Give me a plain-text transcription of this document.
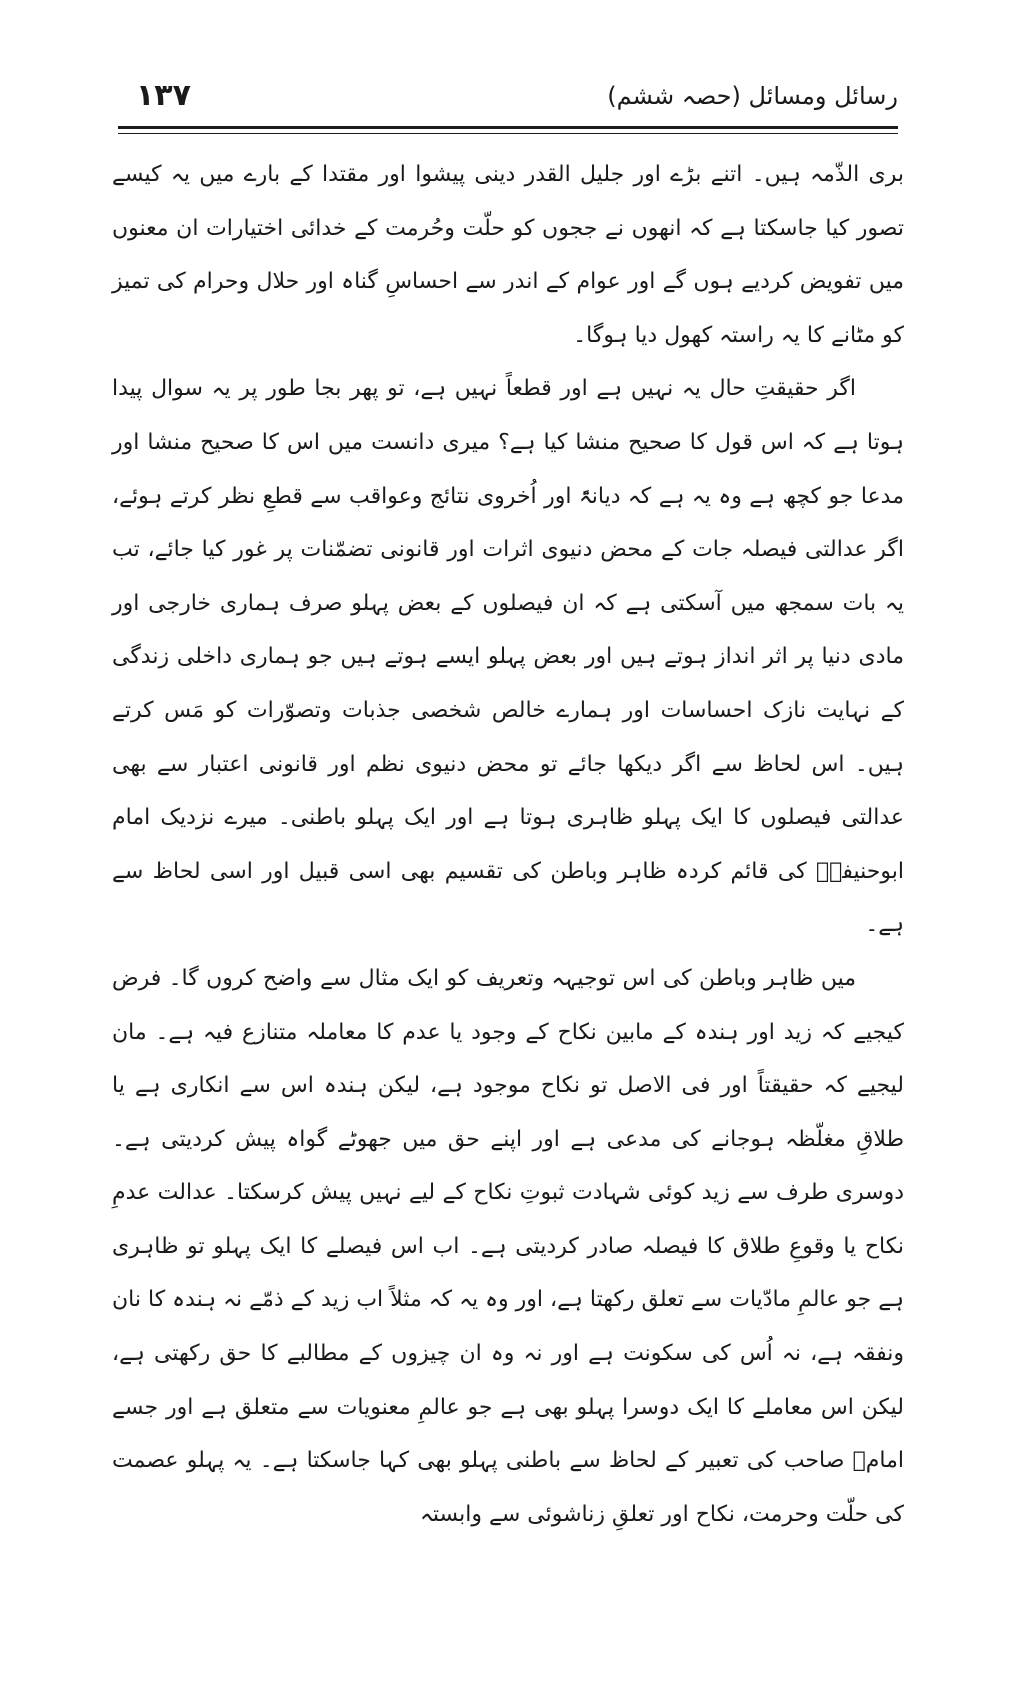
۱۳۷	رسائل ومسائل (حصہ ششم)

بری الذّمہ ہیں۔ اتنے بڑے اور جلیل القدر دینی پیشوا اور مقتدا کے بارے میں یہ کیسے تصور کیا جاسکتا ہے کہ انھوں نے ججوں کو حلّت وحُرمت کے خدائی اختیارات ان معنوں میں تفویض کردیے ہوں گے اور عوام کے اندر سے احساسِ گناہ اور حلال وحرام کی تمیز کو مٹانے کا یہ راستہ کھول دیا ہوگا۔

اگر حقیقتِ حال یہ نہیں ہے اور قطعاً نہیں ہے، تو پھر بجا طور پر یہ سوال پیدا ہوتا ہے کہ اس قول کا صحیح منشا کیا ہے؟ میری دانست میں اس کا صحیح منشا اور مدعا جو کچھ ہے وہ یہ ہے کہ دیانۃً اور اُخروی نتائج وعواقب سے قطعِ نظر کرتے ہوئے، اگر عدالتی فیصلہ جات کے محض دنیوی اثرات اور قانونی تضمّنات پر غور کیا جائے، تب یہ بات سمجھ میں آسکتی ہے کہ ان فیصلوں کے بعض پہلو صرف ہماری خارجی اور مادی دنیا پر اثر انداز ہوتے ہیں اور بعض پہلو ایسے ہوتے ہیں جو ہماری داخلی زندگی کے نہایت نازک احساسات اور ہمارے خالص شخصی جذبات وتصوّرات کو مَس کرتے ہیں۔ اس لحاظ سے اگر دیکھا جائے تو محض دنیوی نظم اور قانونی اعتبار سے بھی عدالتی فیصلوں کا ایک پہلو ظاہری ہوتا ہے اور ایک پہلو باطنی۔ میرے نزدیک امام ابوحنیفہؒ کی قائم کردہ ظاہر وباطن کی تقسیم بھی اسی قبیل اور اسی لحاظ سے ہے۔

میں ظاہر وباطن کی اس توجیہہ وتعریف کو ایک مثال سے واضح کروں گا۔ فرض کیجیے کہ زید اور ہندہ کے مابین نکاح کے وجود یا عدم کا معاملہ متنازع فیہ ہے۔ مان لیجیے کہ حقیقتاً اور فی الاصل تو نکاح موجود ہے، لیکن ہندہ اس سے انکاری ہے یا طلاقِ مغلّظہ ہوجانے کی مدعی ہے اور اپنے حق میں جھوٹے گواہ پیش کردیتی ہے۔ دوسری طرف سے زید کوئی شہادت ثبوتِ نکاح کے لیے نہیں پیش کرسکتا۔ عدالت عدمِ نکاح یا وقوعِ طلاق کا فیصلہ صادر کردیتی ہے۔ اب اس فیصلے کا ایک پہلو تو ظاہری ہے جو عالمِ مادّیات سے تعلق رکھتا ہے، اور وہ یہ کہ مثلاً اب زید کے ذمّے نہ ہندہ کا نان ونفقہ ہے، نہ اُس کی سکونت ہے اور نہ وہ ان چیزوں کے مطالبے کا حق رکھتی ہے، لیکن اس معاملے کا ایک دوسرا پہلو بھی ہے جو عالمِ معنویات سے متعلق ہے اور جسے امامؒ صاحب کی تعبیر کے لحاظ سے باطنی پہلو بھی کہا جاسکتا ہے۔ یہ پہلو عصمت کی حلّت وحرمت، نکاح اور تعلقِ زناشوئی سے وابستہ
